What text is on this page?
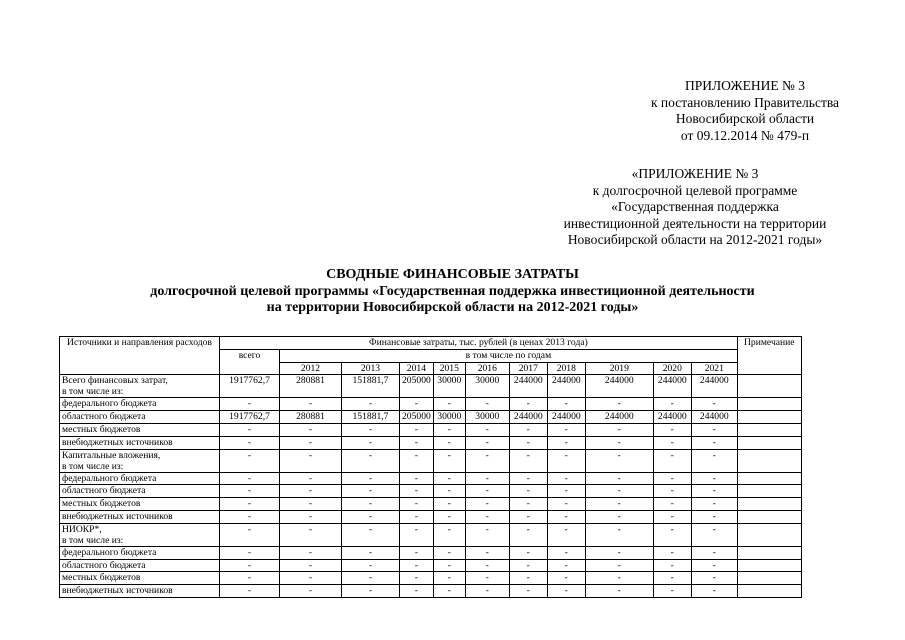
ПРИЛОЖЕНИЕ № 3
к постановлению Правительства
Новосибирской области
от 09.12.2014 № 479-п
«ПРИЛОЖЕНИЕ № 3
к долгосрочной целевой программе
«Государственная поддержка
инвестиционной деятельности на территории
Новосибирской области на 2012-2021 годы»
СВОДНЫЕ ФИНАНСОВЫЕ ЗАТРАТЫ
долгосрочной целевой программы «Государственная поддержка инвестиционной деятельности
на территории Новосибирской области на 2012-2021 годы»
Источники и направления расходов	Финансовые затраты, тыс. рублей (в ценах 2013 года)											Примечание
	всего	в том числе по годам										
		2012	2013	2014	2015	2016	2017	2018	2019	2020	2021	

Всего финансовых затрат,
в том числе из:	1917762,7	280881	151881,7	205000	30000	30000	244000	244000	244000	244000	244000	

федерального бюджета	-	-	-	-	-	-	-	-	-	-	-	

областного бюджета	1917762,7	280881	151881,7	205000	30000	30000	244000	244000	244000	244000	244000	

местных бюджетов	-	-	-	-	-	-	-	-	-	-	-	

внебюджетных источников	-	-	-	-	-	-	-	-	-	-	-	

Капитальные вложения,
в том числе из:	-	-	-	-	-	-	-	-	-	-	-	

федерального бюджета	-	-	-	-	-	-	-	-	-	-	-	

областного бюджета	-	-	-	-	-	-	-	-	-	-	-	

местных бюджетов	-	-	-	-	-	-	-	-	-	-	-	

внебюджетных источников	-	-	-	-	-	-	-	-	-	-	-	

НИОКР*,
в том числе из:	-	-	-	-	-	-	-	-	-	-	-	

федерального бюджета	-	-	-	-	-	-	-	-	-	-	-	

областного бюджета	-	-	-	-	-	-	-	-	-	-	-	

местных бюджетов	-	-	-	-	-	-	-	-	-	-	-	

внебюджетных источников	-	-	-	-	-	-	-	-	-	-	-	
